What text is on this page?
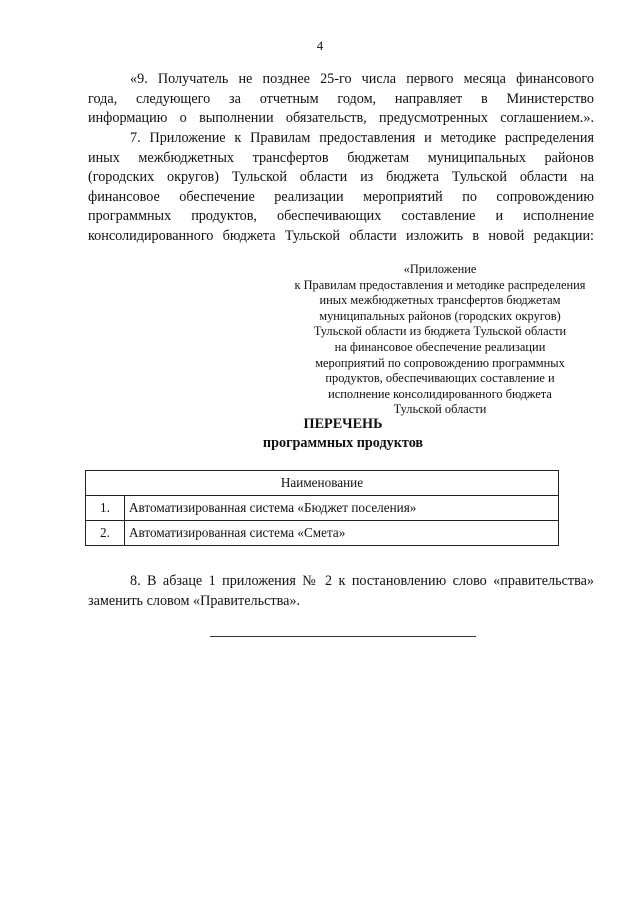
4
«9. Получатель не позднее 25-го числа первого месяца финансового
года, следующего за отчетным годом, направляет в Министерство
информацию о выполнении обязательств, предусмотренных соглашением.».
7. Приложение к Правилам предоставления и методике распределения
иных межбюджетных трансфертов бюджетам муниципальных районов
(городских округов) Тульской области из бюджета Тульской области на
финансовое обеспечение реализации мероприятий по сопровождению
программных продуктов, обеспечивающих составление и исполнение
консолидированного бюджета Тульской области изложить в новой редакции:
«Приложение
к Правилам предоставления и методике распределения
иных межбюджетных трансфертов бюджетам
муниципальных районов (городских округов)
Тульской области из бюджета Тульской области
на финансовое обеспечение реализации
мероприятий по сопровождению программных
продуктов, обеспечивающих составление и
исполнение консолидированного бюджета
Тульской области
ПЕРЕЧЕНЬ
программных продуктов
Наименование	
1.	Автоматизированная система «Бюджет поселения»
2.	Автоматизированная система «Смета»
8. В абзаце 1 приложения № 2 к постановлению слово «правительства»
заменить словом «Правительства».
